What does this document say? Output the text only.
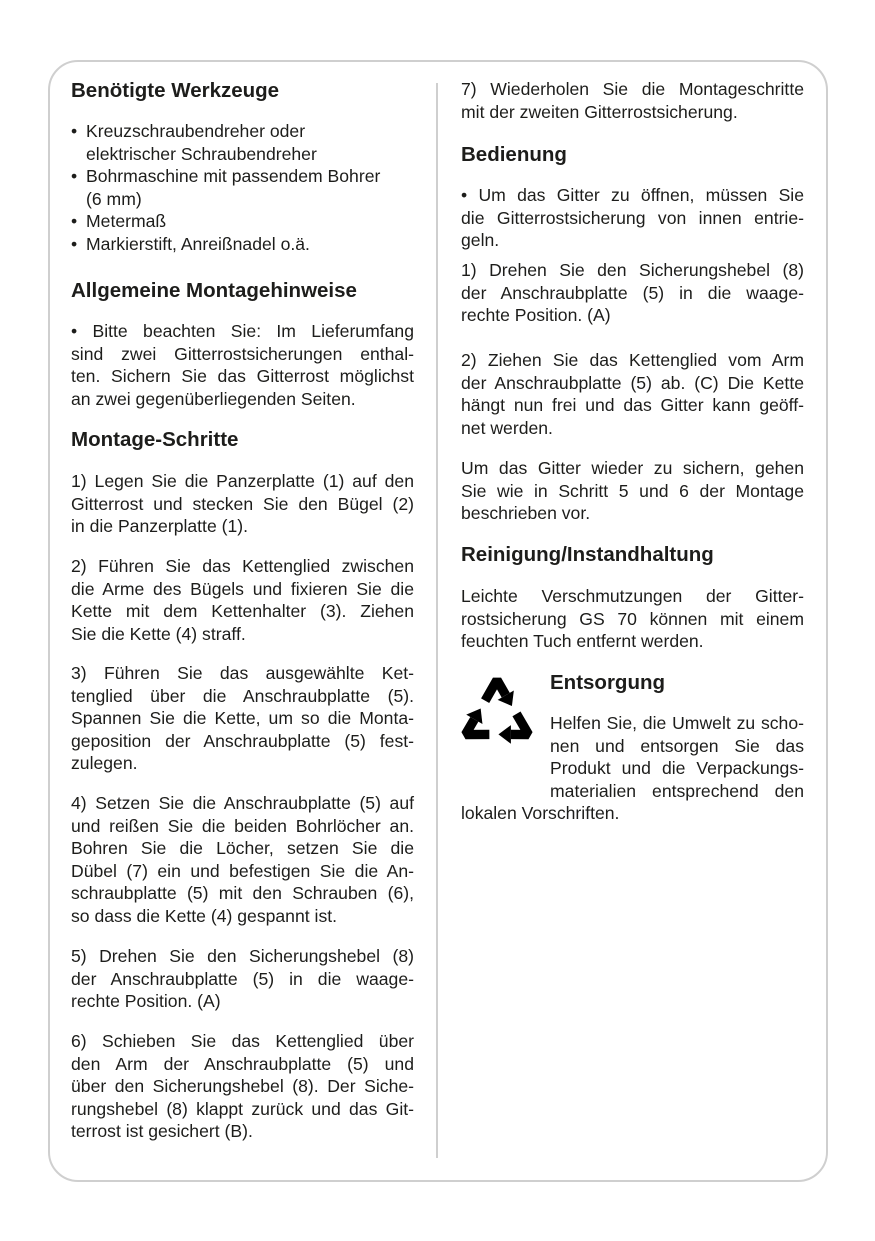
Benötigte Werkzeuge
• Kreuzschraubendreher oder
elektrischer Schraubendreher
• Bohrmaschine mit passendem Bohrer
(6 mm)
• Metermaß
• Markierstift, Anreißnadel o.ä.
Allgemeine Montagehinweise
• Bitte beachten Sie: Im Lieferumfang
sind zwei Gitterrostsicherungen enthal-
ten. Sichern Sie das Gitterrost möglichst
an zwei gegenüberliegenden Seiten.
Montage-Schritte
1) Legen Sie die Panzerplatte (1) auf den
Gitterrost und stecken Sie den Bügel (2)
in die Panzerplatte (1).
2) Führen Sie das Kettenglied zwischen
die Arme des Bügels und fixieren Sie die
Kette mit dem Kettenhalter (3). Ziehen
Sie die Kette (4) straff.
3) Führen Sie das ausgewählte Ket-
tenglied über die Anschraubplatte (5).
Spannen Sie die Kette, um so die Monta-
geposition der Anschraubplatte (5) fest-
zulegen.
4) Setzen Sie die Anschraubplatte (5) auf
und reißen Sie die beiden Bohrlöcher an.
Bohren Sie die Löcher, setzen Sie die
Dübel (7) ein und befestigen Sie die An-
schraubplatte (5) mit den Schrauben (6),
so dass die Kette (4) gespannt ist.
5) Drehen Sie den Sicherungshebel (8)
der Anschraubplatte (5) in die waage-
rechte Position. (A)
6) Schieben Sie das Kettenglied über
den Arm der Anschraubplatte (5) und
über den Sicherungshebel (8). Der Siche-
rungshebel (8) klappt zurück und das Git-
terrost ist gesichert (B).
7) Wiederholen Sie die Montageschritte
mit der zweiten Gitterrostsicherung.
Bedienung
• Um das Gitter zu öffnen, müssen Sie
die Gitterrostsicherung von innen entrie-
geln.
1) Drehen Sie den Sicherungshebel (8)
der Anschraubplatte (5) in die waage-
rechte Position. (A)
2) Ziehen Sie das Kettenglied vom Arm
der Anschraubplatte (5) ab. (C) Die Kette
hängt nun frei und das Gitter kann geöff-
net werden.
Um das Gitter wieder zu sichern, gehen
Sie wie in Schritt 5 und 6 der Montage
beschrieben vor.
Reinigung/Instandhaltung
Leichte Verschmutzungen der Gitter-
rostsicherung GS 70 können mit einem
feuchten Tuch entfernt werden.
Entsorgung
Helfen Sie, die Umwelt zu scho-
nen und entsorgen Sie das
Produkt und die Verpackungs-
materialien entsprechend den
lokalen Vorschriften.
